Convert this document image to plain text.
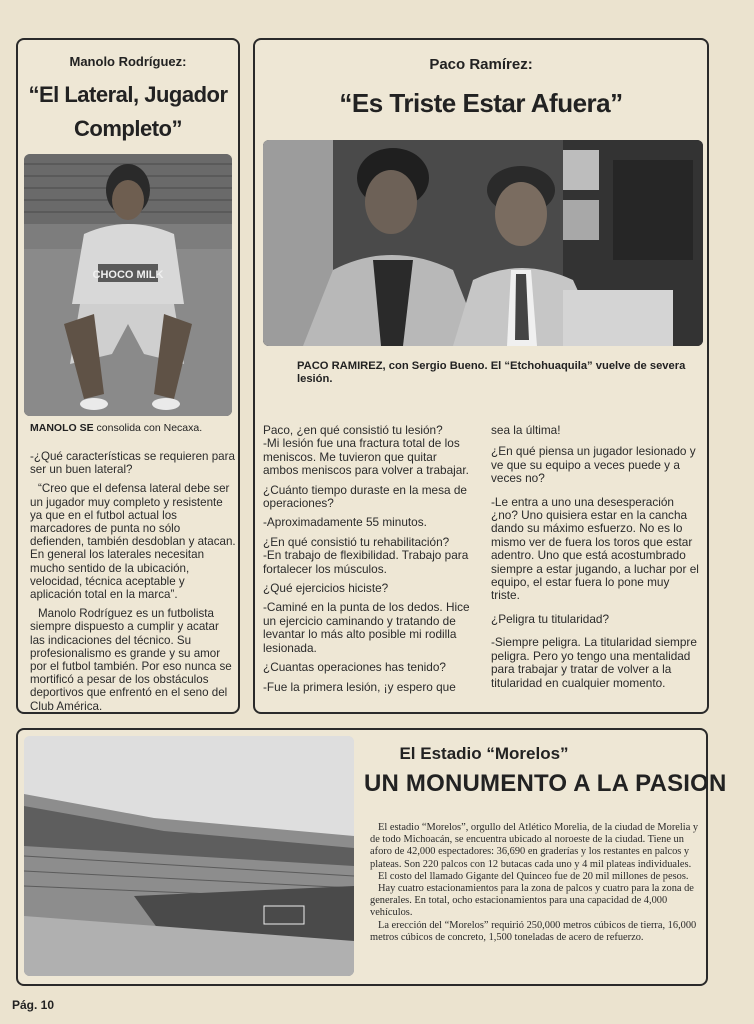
Manolo Rodríguez:
“El Lateral, Jugador Completo”
CHOCO MILK
MANOLO SE consolida con Necaxa.

-¿Qué características se requieren para ser un buen lateral?

“Creo que el defensa lateral debe ser un jugador muy completo y resistente ya que en el futbol actual los marcadores de punta no sólo defienden, también desdoblan y atacan. En general los laterales necesitan mucho sentido de la ubicación, velocidad, técnica aceptable y aplicación total en la marca”.

Manolo Rodríguez es un futbolista siempre dispuesto a cumplir y acatar las indicaciones del técnico. Su profesionalismo es grande y su amor por el futbol también. Por eso nunca se mortificó a pesar de los obstáculos deportivos que enfrentó en el seno del Club América.

Paco Ramírez:
“Es Triste Estar Afuera”
PACO RAMIREZ, con Sergio Bueno. El “Etchohuaquila” vuelve de severa lesión.

Paco, ¿en qué consistió tu lesión?

-Mi lesión fue una fractura total de los meniscos. Me tuvieron que quitar ambos meniscos para volver a trabajar.

¿Cuánto tiempo duraste en la mesa de operaciones?

-Aproximadamente 55 minutos.

¿En qué consistió tu rehabilitación?

-En trabajo de flexibilidad. Trabajo para fortalecer los músculos.

¿Qué ejercicios hiciste?

-Caminé en la punta de los dedos. Hice un ejercicio caminando y tratando de levantar lo más alto posible mi rodilla lesionada.

¿Cuantas operaciones has tenido?

-Fue la primera lesión, ¡y espero que

sea la última!

¿En qué piensa un jugador lesionado y ve que su equipo a veces puede y a veces no?

-Le entra a uno una desesperación ¿no? Uno quisiera estar en la cancha dando su máximo esfuerzo. No es lo mismo ver de fuera los toros que estar adentro. Uno que está acostumbrado siempre a estar jugando, a luchar por el equipo, el estar fuera lo pone muy triste.

¿Peligra tu titularidad?

-Siempre peligra. La titularidad siempre peligra. Pero yo tengo una mentalidad para trabajar y tratar de volver a la titularidad en cualquier momento.

El Estadio “Morelos”
UN MONUMENTO A LA PASION

El estadio “Morelos”, orgullo del Atlético Morelia, de la ciudad de Morelia y de todo Michoacán, se encuentra ubicado al noroeste de la ciudad. Tiene un aforo de 42,000 espectadores: 36,690 en graderías y los restantes en palcos y plateas. Son 220 palcos con 12 butacas cada uno y 4 mil plateas individuales.

El costo del llamado Gigante del Quinceo fue de 20 mil millones de pesos.

Hay cuatro estacionamientos para la zona de palcos y cuatro para la zona de generales. En total, ocho estacionamientos para una capacidad de 4,000 vehículos.

La erección del “Morelos” requirió 250,000 metros cúbicos de tierra, 16,000 metros cúbicos de concreto, 1,500 toneladas de acero de refuerzo.

Pág. 10
